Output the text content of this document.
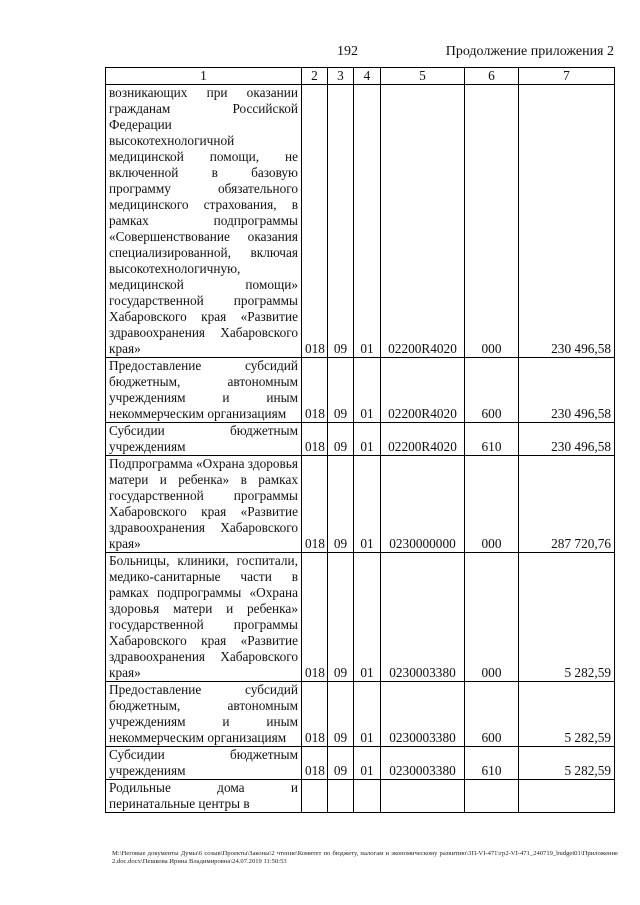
192	Продолжение приложения 2
1	2	3	4	5	6	7
возникающих при оказании гражданам Российской Федерации высокотехнологичной медицинской помощи, не включенной в базовую программу обязательного медицинского страхования, в рамках подпрограммы «Совершенствование оказания специализированной, включая высокотехнологичную, медицинской помощи» государственной программы Хабаровского края «Развитие здравоохранения Хабаровского края»	018	09	01	02200R4020	000	230 496,58
Предоставление субсидий бюджетным, автономным учреждениям и иным некоммерческим организациям	018	09	01	02200R4020	600	230 496,58
Субсидии бюджетным учреждениям	018	09	01	02200R4020	610	230 496,58
Подпрограмма «Охрана здоровья матери и ребенка» в рамках государственной программы Хабаровского края «Развитие здравоохранения Хабаровского края»	018	09	01	0230000000	000	287 720,76
Больницы, клиники, госпитали, медико-санитарные части в рамках подпрограммы «Охрана здоровья матери и ребенка» государственной программы Хабаровского края «Развитие здравоохранения Хабаровского края»	018	09	01	0230003380	000	5 282,59
Предоставление субсидий бюджетным, автономным учреждениям и иным некоммерческим организациям	018	09	01	0230003380	600	5 282,59
Субсидии бюджетным учреждениям	018	09	01	0230003380	610	5 282,59
Родильные дома и перинатальные центры в						
M:\Неговые документы Думы\6 созыв\Проекты\Законы\2 чтение\Комитет по бюджету, налогам и экономическому развитию\3П-VI-471\гр2-VI-471_240719_budget01\Приложение 2.doc.docx\Пешкова Ирина Владимировна\24.07.2019 11:50:53
